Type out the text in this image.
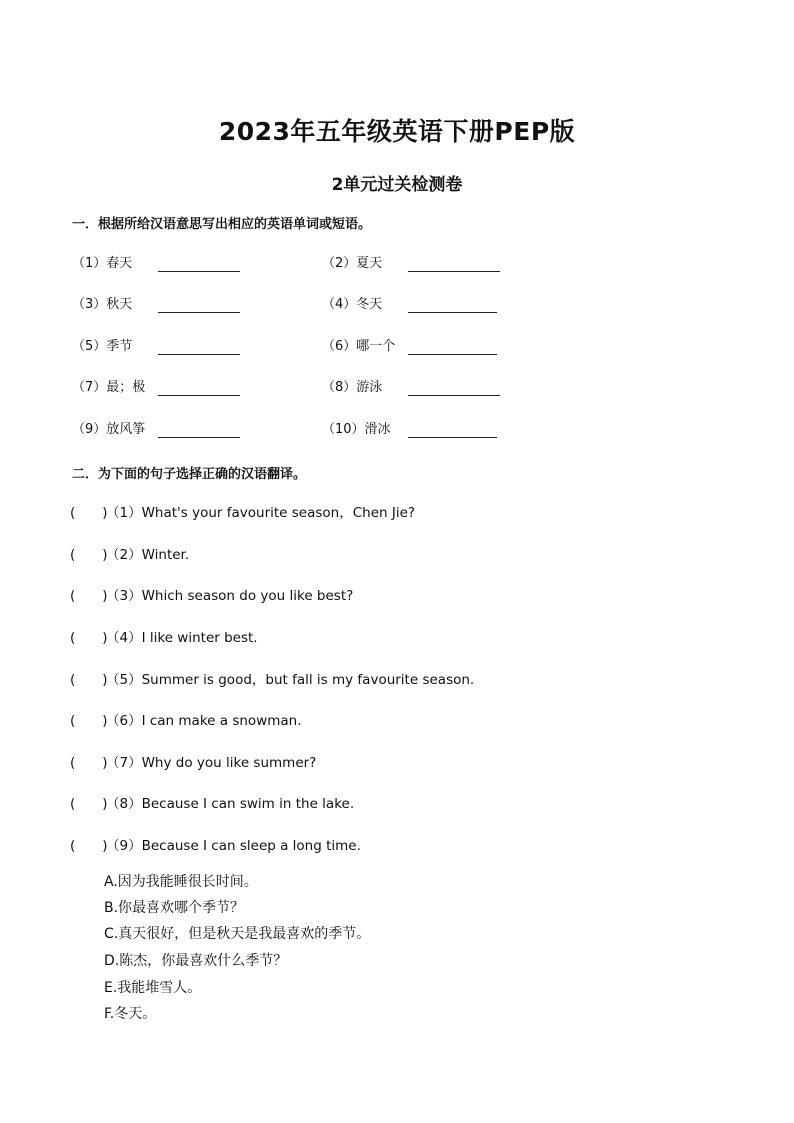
2023年五年级英语下册PEP版
2单元过关检测卷
一．根据所给汉语意思写出相应的英语单词或短语。
（1）春天	（2）夏天
（3）秋天	（4）冬天
（5）季节	（6）哪一个
（7）最；极	（8）游泳
（9）放风筝	（10）滑冰
二．为下面的句子选择正确的汉语翻译。
(　　)（1）What's your favourite season，Chen Jie?
(　　)（2）Winter.
(　　)（3）Which season do you like best?
(　　)（4）I like winter best.
(　　)（5）Summer is good，but fall is my favourite season.
(　　)（6）I can make a snowman.
(　　)（7）Why do you like summer?
(　　)（8）Because I can swim in the lake.
(　　)（9）Because I can sleep a long time.
A.因为我能睡很长时间。
B.你最喜欢哪个季节？
C.真天很好，但是秋天是我最喜欢的季节。
D.陈杰，你最喜欢什么季节？
E.我能堆雪人。
F.冬天。
